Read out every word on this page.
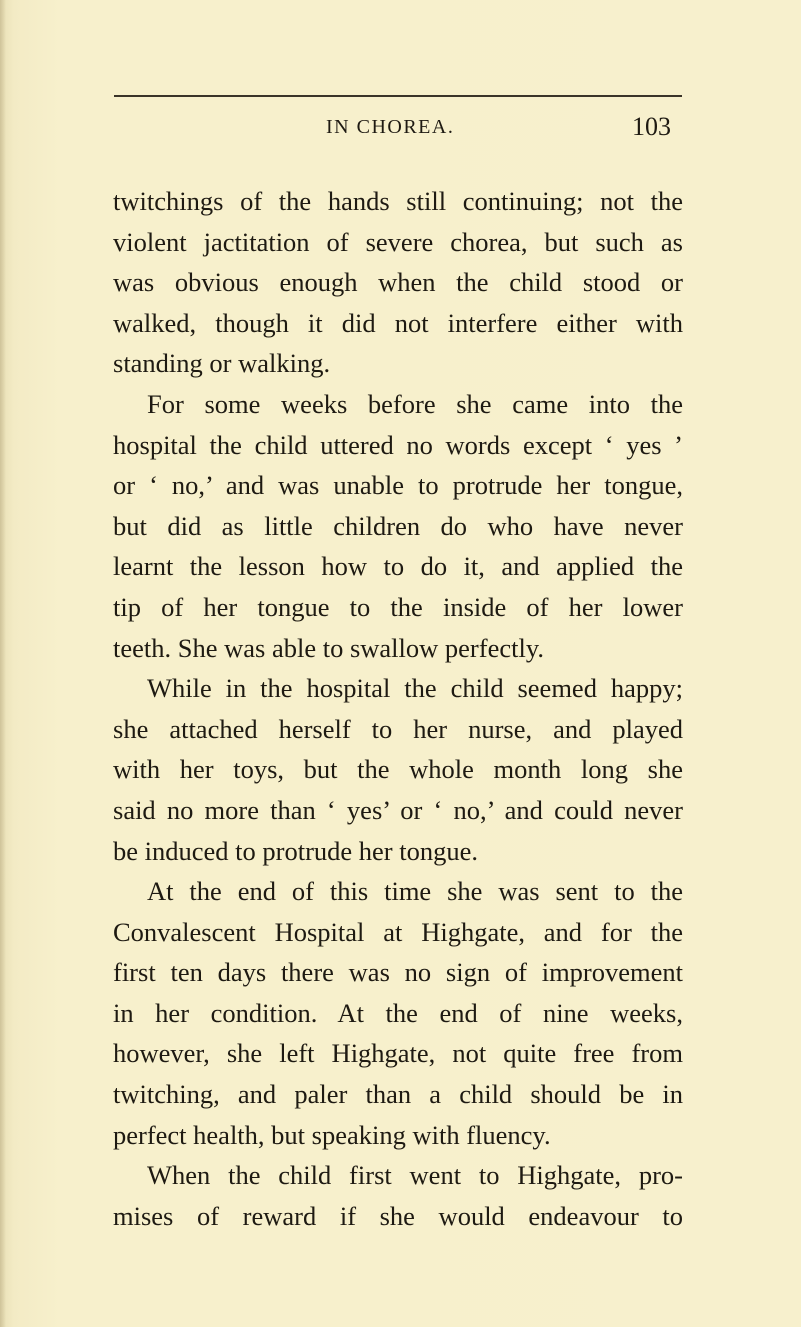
IN CHOREA.	103
twitchings of the hands still continuing; not the
violent jactitation of severe chorea, but such as
was obvious enough when the child stood or
walked, though it did not interfere either with
standing or walking.
For some weeks before she came into the
hospital the child uttered no words except ‘ yes ’
or ‘ no,’ and was unable to protrude her tongue,
but did as little children do who have never
learnt the lesson how to do it, and applied the
tip of her tongue to the inside of her lower
teeth. She was able to swallow perfectly.
While in the hospital the child seemed happy;
she attached herself to her nurse, and played
with her toys, but the whole month long she
said no more than ‘ yes’ or ‘ no,’ and could never
be induced to protrude her tongue.
At the end of this time she was sent to the
Convalescent Hospital at Highgate, and for the
first ten days there was no sign of improvement
in her condition. At the end of nine weeks,
however, she left Highgate, not quite free from
twitching, and paler than a child should be in
perfect health, but speaking with fluency.
When the child first went to Highgate, pro-
mises of reward if she would endeavour to
